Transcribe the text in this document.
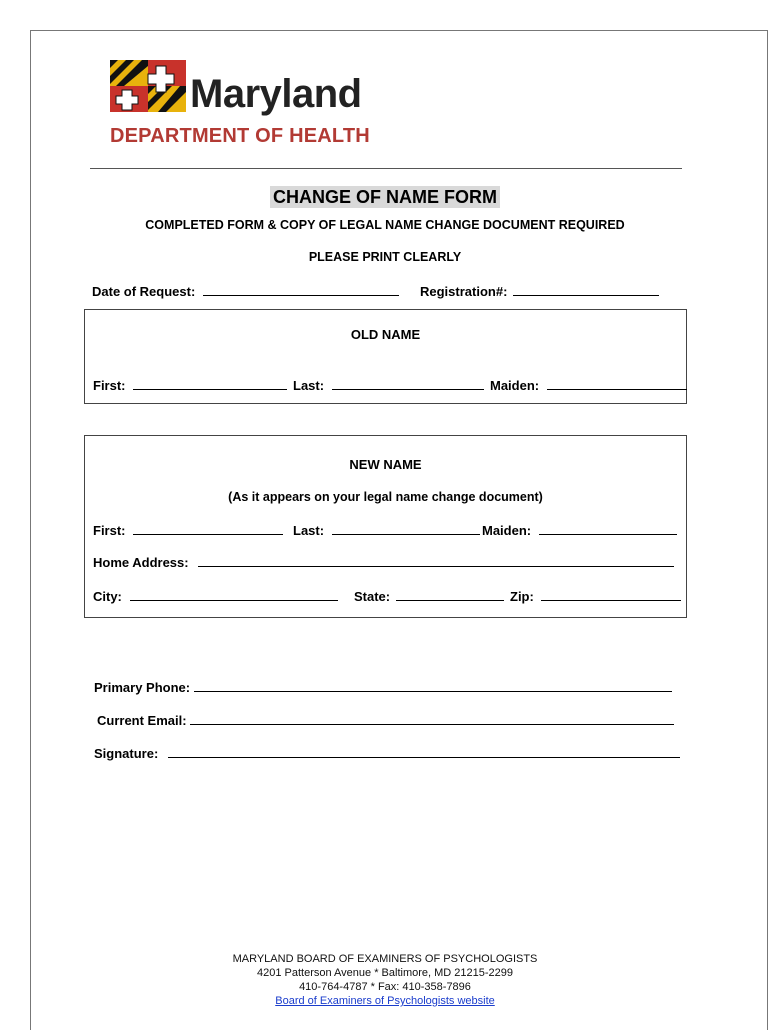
Maryland
DEPARTMENT OF HEALTH
CHANGE OF NAME FORM
COMPLETED FORM & COPY OF LEGAL NAME CHANGE DOCUMENT REQUIRED
PLEASE PRINT CLEARLY
Date of Request:	Registration#:
OLD NAME
First:	Last:	Maiden:
NEW NAME
(As it appears on your legal name change document)
First:	Last:	Maiden:
Home Address:
City:	State:	Zip:
Primary Phone:
Current Email:
Signature:
MARYLAND BOARD OF EXAMINERS OF PSYCHOLOGISTS
4201 Patterson Avenue * Baltimore, MD 21215-2299
410-764-4787 * Fax: 410-358-7896
Board of Examiners of Psychologists website
